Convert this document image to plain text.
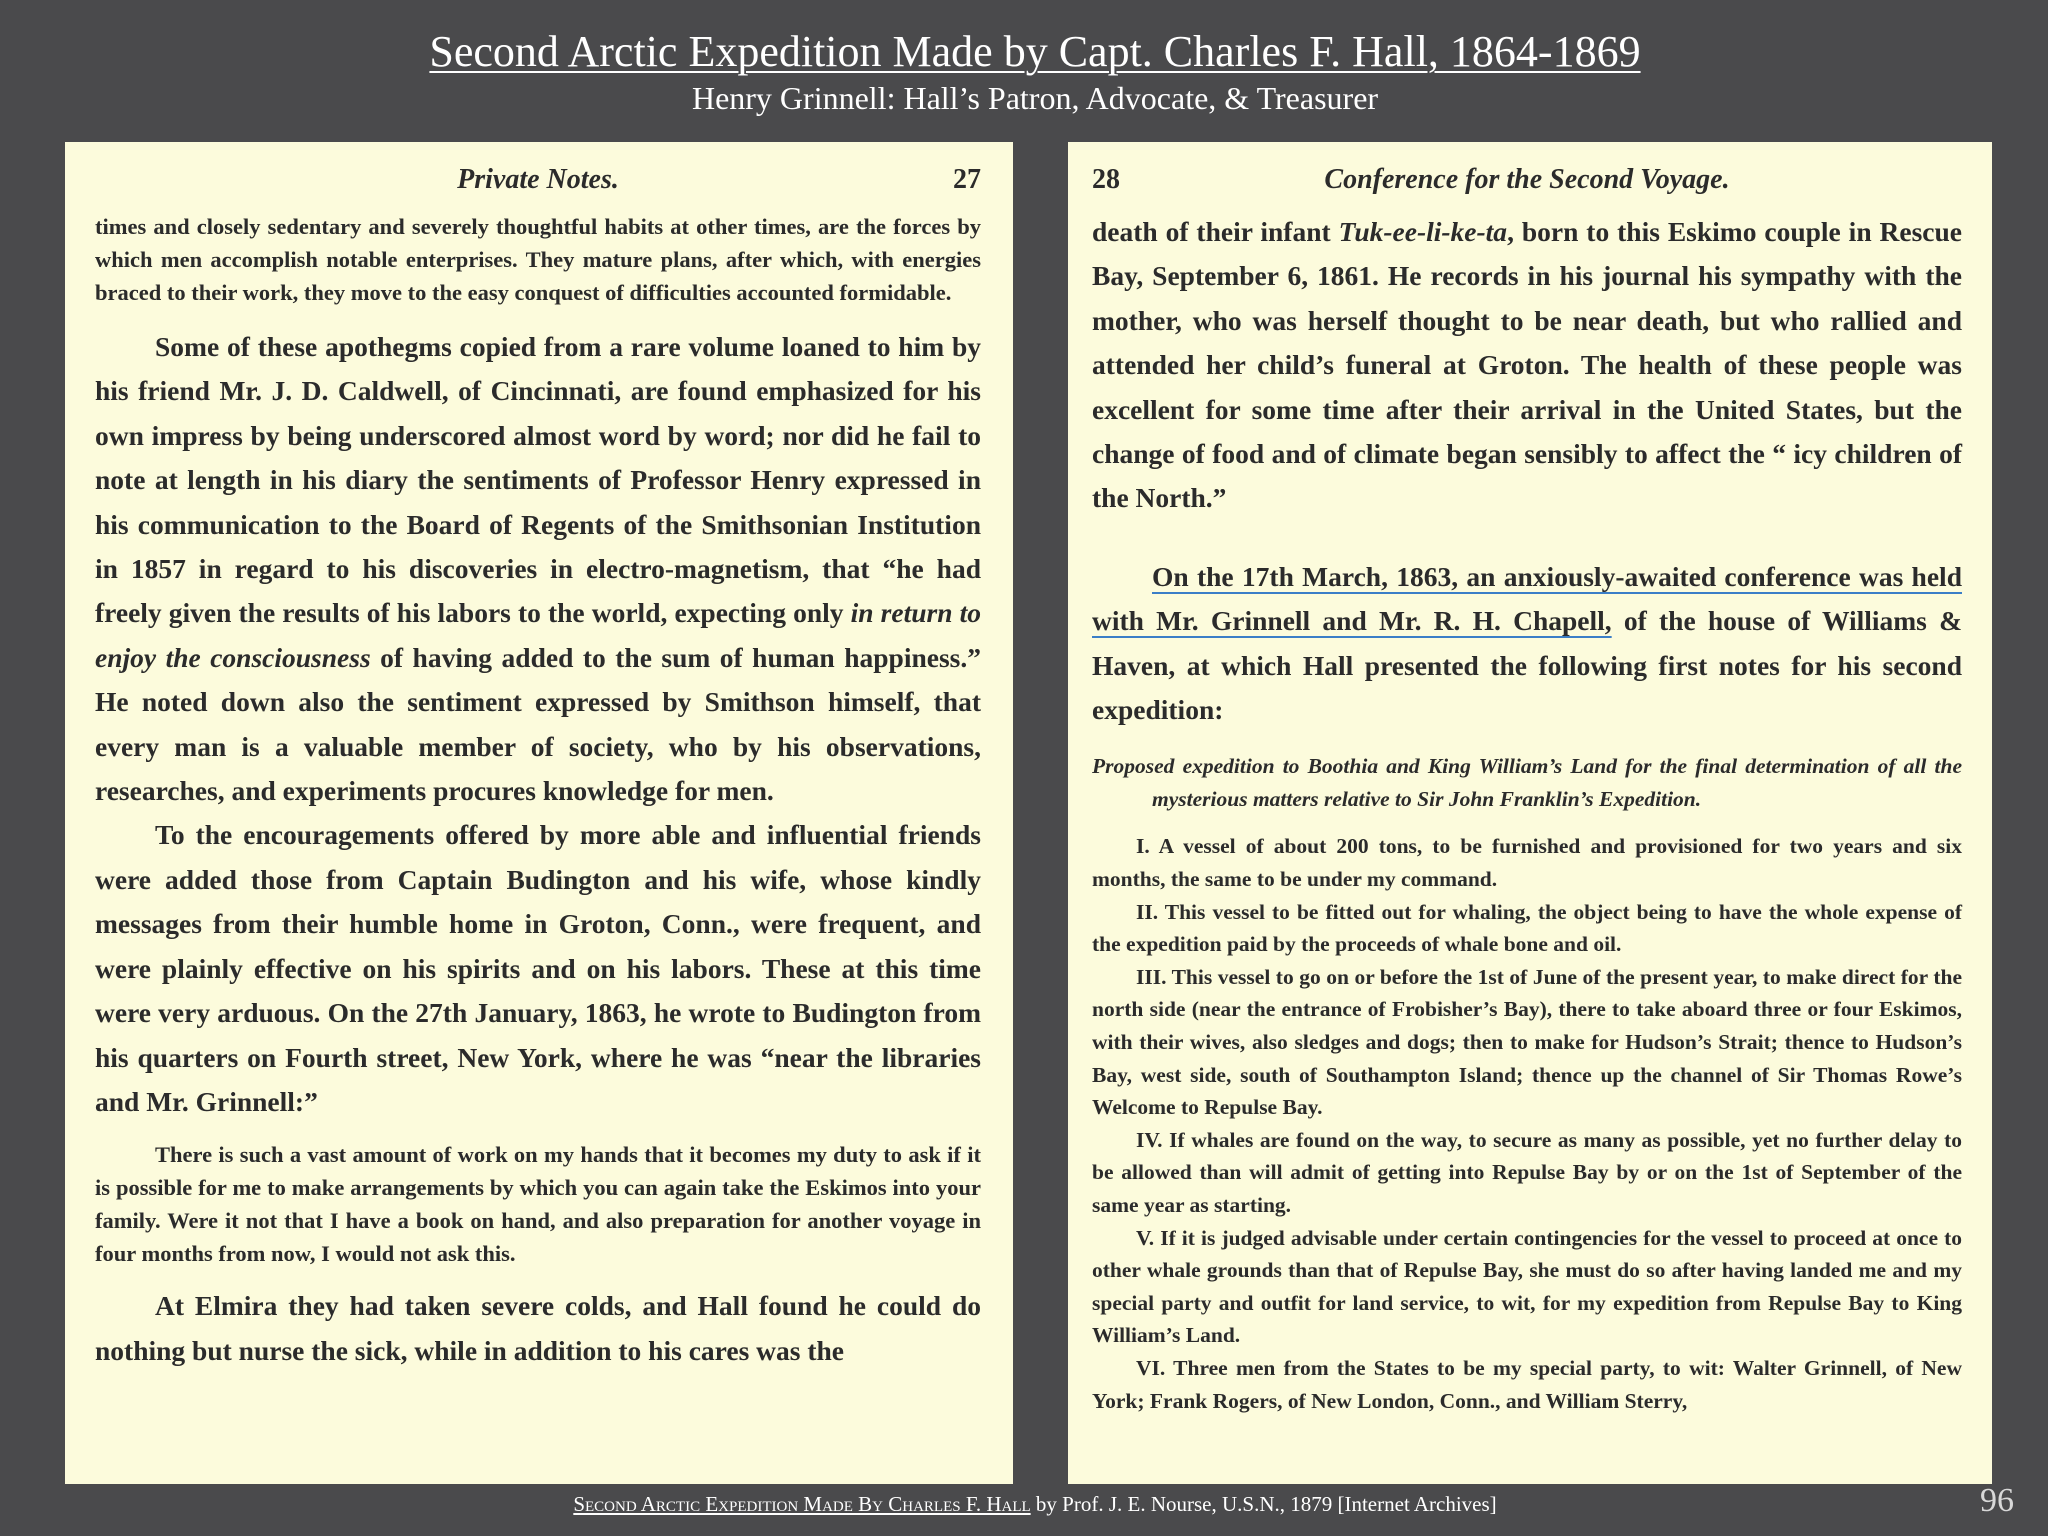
Second Arctic Expedition Made by Capt. Charles F. Hall, 1864-1869
Henry Grinnell: Hall’s Patron, Advocate, & Treasurer
Private Notes.	27

times and closely sedentary and severely thoughtful habits at other times, are the forces by which men accomplish notable enterprises. They mature plans, after which, with energies braced to their work, they move to the easy conquest of difficulties accounted formidable.

Some of these apothegms copied from a rare volume loaned to him by his friend Mr. J. D. Caldwell, of Cincinnati, are found emphasized for his own impress by being underscored almost word by word; nor did he fail to note at length in his diary the sentiments of Professor Henry expressed in his communication to the Board of Regents of the Smithsonian Institution in 1857 in regard to his discoveries in electro-magnetism, that “he had freely given the results of his labors to the world, expecting only in return to enjoy the consciousness of having added to the sum of human happiness.” He noted down also the sentiment expressed by Smithson himself, that every man is a valuable member of society, who by his observations, researches, and experiments procures knowledge for men.

To the encouragements offered by more able and influential friends were added those from Captain Budington and his wife, whose kindly messages from their humble home in Groton, Conn., were frequent, and were plainly effective on his spirits and on his labors. These at this time were very arduous. On the 27th January, 1863, he wrote to Budington from his quarters on Fourth street, New York, where he was “near the libraries and Mr. Grinnell:”

There is such a vast amount of work on my hands that it becomes my duty to ask if it is possible for me to make arrangements by which you can again take the Eskimos into your family. Were it not that I have a book on hand, and also preparation for another voyage in four months from now, I would not ask this.

At Elmira they had taken severe colds, and Hall found he could do nothing but nurse the sick, while in addition to his cares was the

28	Conference for the Second Voyage.

death of their infant Tuk-ee-li-ke-ta, born to this Eskimo couple in Rescue Bay, September 6, 1861. He records in his journal his sympathy with the mother, who was herself thought to be near death, but who rallied and attended her child’s funeral at Groton. The health of these people was excellent for some time after their arrival in the United States, but the change of food and of climate began sensibly to affect the “ icy children of the North.”

On the 17th March, 1863, an anxiously-awaited conference was held with Mr. Grinnell and Mr. R. H. Chapell, of the house of Williams & Haven, at which Hall presented the following first notes for his second expedition:

Proposed expedition to Boothia and King William’s Land for the final determination of all the mysterious matters relative to Sir John Franklin’s Expedition.

I. A vessel of about 200 tons, to be furnished and provisioned for two years and six months, the same to be under my command.

II. This vessel to be fitted out for whaling, the object being to have the whole expense of the expedition paid by the proceeds of whale bone and oil.

III. This vessel to go on or before the 1st of June of the present year, to make direct for the north side (near the entrance of Frobisher’s Bay), there to take aboard three or four Eskimos, with their wives, also sledges and dogs; then to make for Hudson’s Strait; thence to Hudson’s Bay, west side, south of Southampton Island; thence up the channel of Sir Thomas Rowe’s Welcome to Repulse Bay.

IV. If whales are found on the way, to secure as many as possible, yet no further delay to be allowed than will admit of getting into Repulse Bay by or on the 1st of September of the same year as starting.

V. If it is judged advisable under certain contingencies for the vessel to proceed at once to other whale grounds than that of Repulse Bay, she must do so after having landed me and my special party and outfit for land service, to wit, for my expedition from Repulse Bay to King William’s Land.

VI. Three men from the States to be my special party, to wit: Walter Grinnell, of New York; Frank Rogers, of New London, Conn., and William Sterry,

Second Arctic Expedition Made By Charles F. Hall by Prof. J. E. Nourse, U.S.N., 1879 [Internet Archives]	96
